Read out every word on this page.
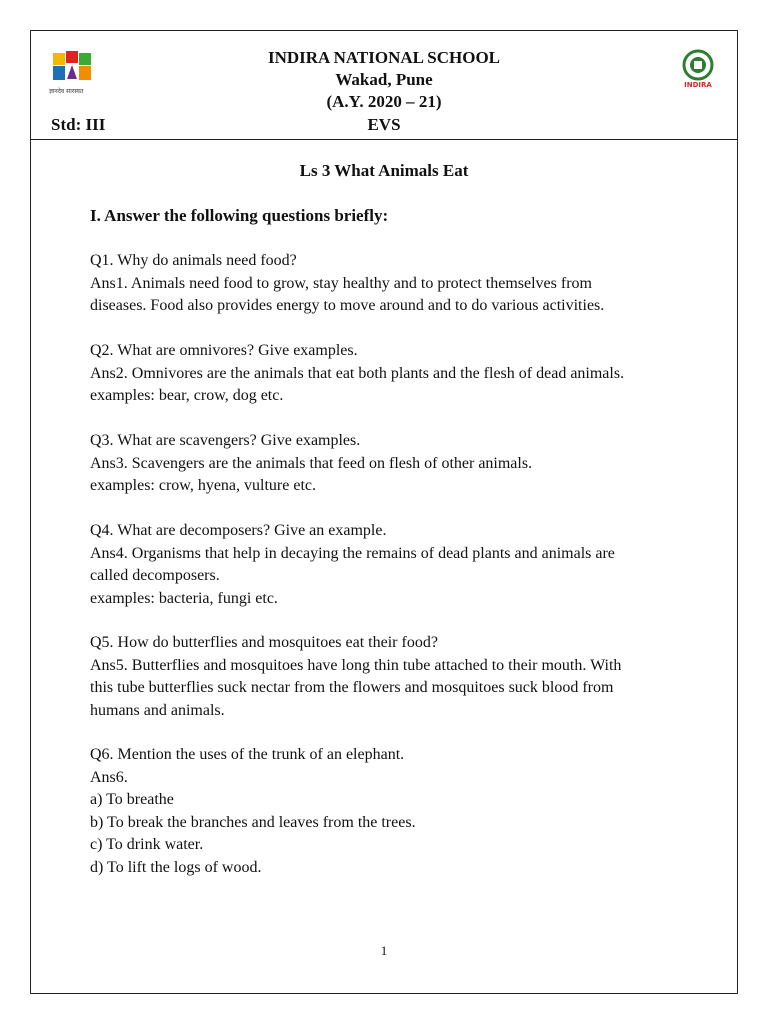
ज्ञानदेव सारस्वत
INDIRA
INDIRA NATIONAL SCHOOL
Wakad, Pune
(A.Y. 2020 – 21)
Std: III	EVS
Ls 3 What Animals Eat
I. Answer the following questions briefly:
Q1. Why do animals need food?
Ans1. Animals need food to grow, stay healthy and to protect themselves from
diseases. Food also provides energy to move around and to do various activities.
Q2. What are omnivores? Give examples.
Ans2. Omnivores are the animals that eat both plants and the flesh of dead animals.
examples: bear, crow, dog etc.
Q3. What are scavengers? Give examples.
Ans3. Scavengers are the animals that feed on flesh of other animals.
examples: crow, hyena, vulture etc.
Q4. What are decomposers? Give an example.
Ans4. Organisms that help in decaying the remains of dead plants and animals are
called decomposers.
examples: bacteria, fungi etc.
Q5. How do butterflies and mosquitoes eat their food?
Ans5. Butterflies and mosquitoes have long thin tube attached to their mouth. With
this tube butterflies suck nectar from the flowers and mosquitoes suck blood from
humans and animals.
Q6. Mention the uses of the trunk of an elephant.
Ans6.
a) To breathe
b) To break the branches and leaves from the trees.
c) To drink water.
d) To lift the logs of wood.
1
